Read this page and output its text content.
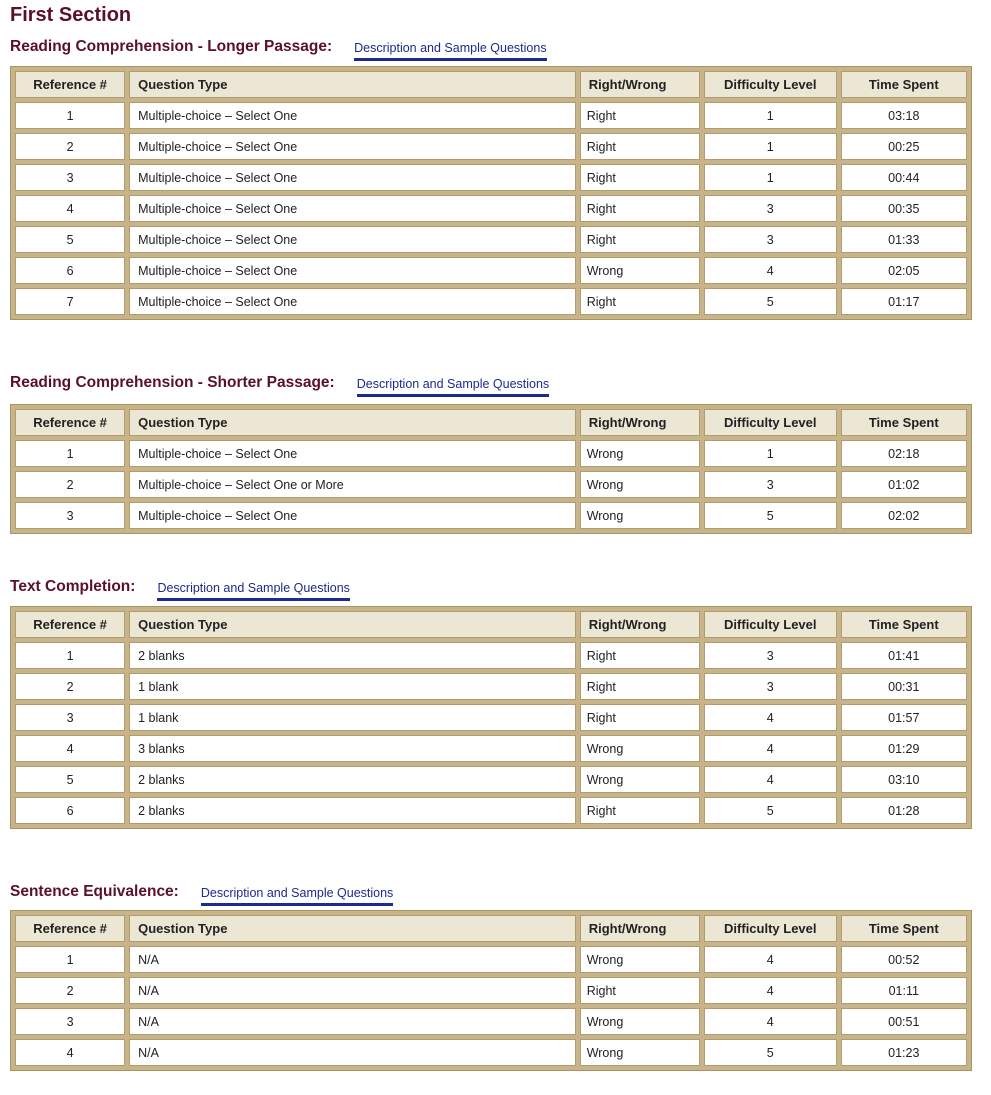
First Section
Reading Comprehension - Longer Passage: Description and Sample Questions
Reference #	Question Type	Right/Wrong	Difficulty Level	Time Spent
1	Multiple-choice – Select One	Right	1	03:18
2	Multiple-choice – Select One	Right	1	00:25
3	Multiple-choice – Select One	Right	1	00:44
4	Multiple-choice – Select One	Right	3	00:35
5	Multiple-choice – Select One	Right	3	01:33
6	Multiple-choice – Select One	Wrong	4	02:05
7	Multiple-choice – Select One	Right	5	01:17
Reading Comprehension - Shorter Passage: Description and Sample Questions
Reference #	Question Type	Right/Wrong	Difficulty Level	Time Spent
1	Multiple-choice – Select One	Wrong	1	02:18
2	Multiple-choice – Select One or More	Wrong	3	01:02
3	Multiple-choice – Select One	Wrong	5	02:02
Text Completion: Description and Sample Questions
Reference #	Question Type	Right/Wrong	Difficulty Level	Time Spent
1	2 blanks	Right	3	01:41
2	1 blank	Right	3	00:31
3	1 blank	Right	4	01:57
4	3 blanks	Wrong	4	01:29
5	2 blanks	Wrong	4	03:10
6	2 blanks	Right	5	01:28
Sentence Equivalence: Description and Sample Questions
Reference #	Question Type	Right/Wrong	Difficulty Level	Time Spent
1	N/A	Wrong	4	00:52
2	N/A	Right	4	01:11
3	N/A	Wrong	4	00:51
4	N/A	Wrong	5	01:23
